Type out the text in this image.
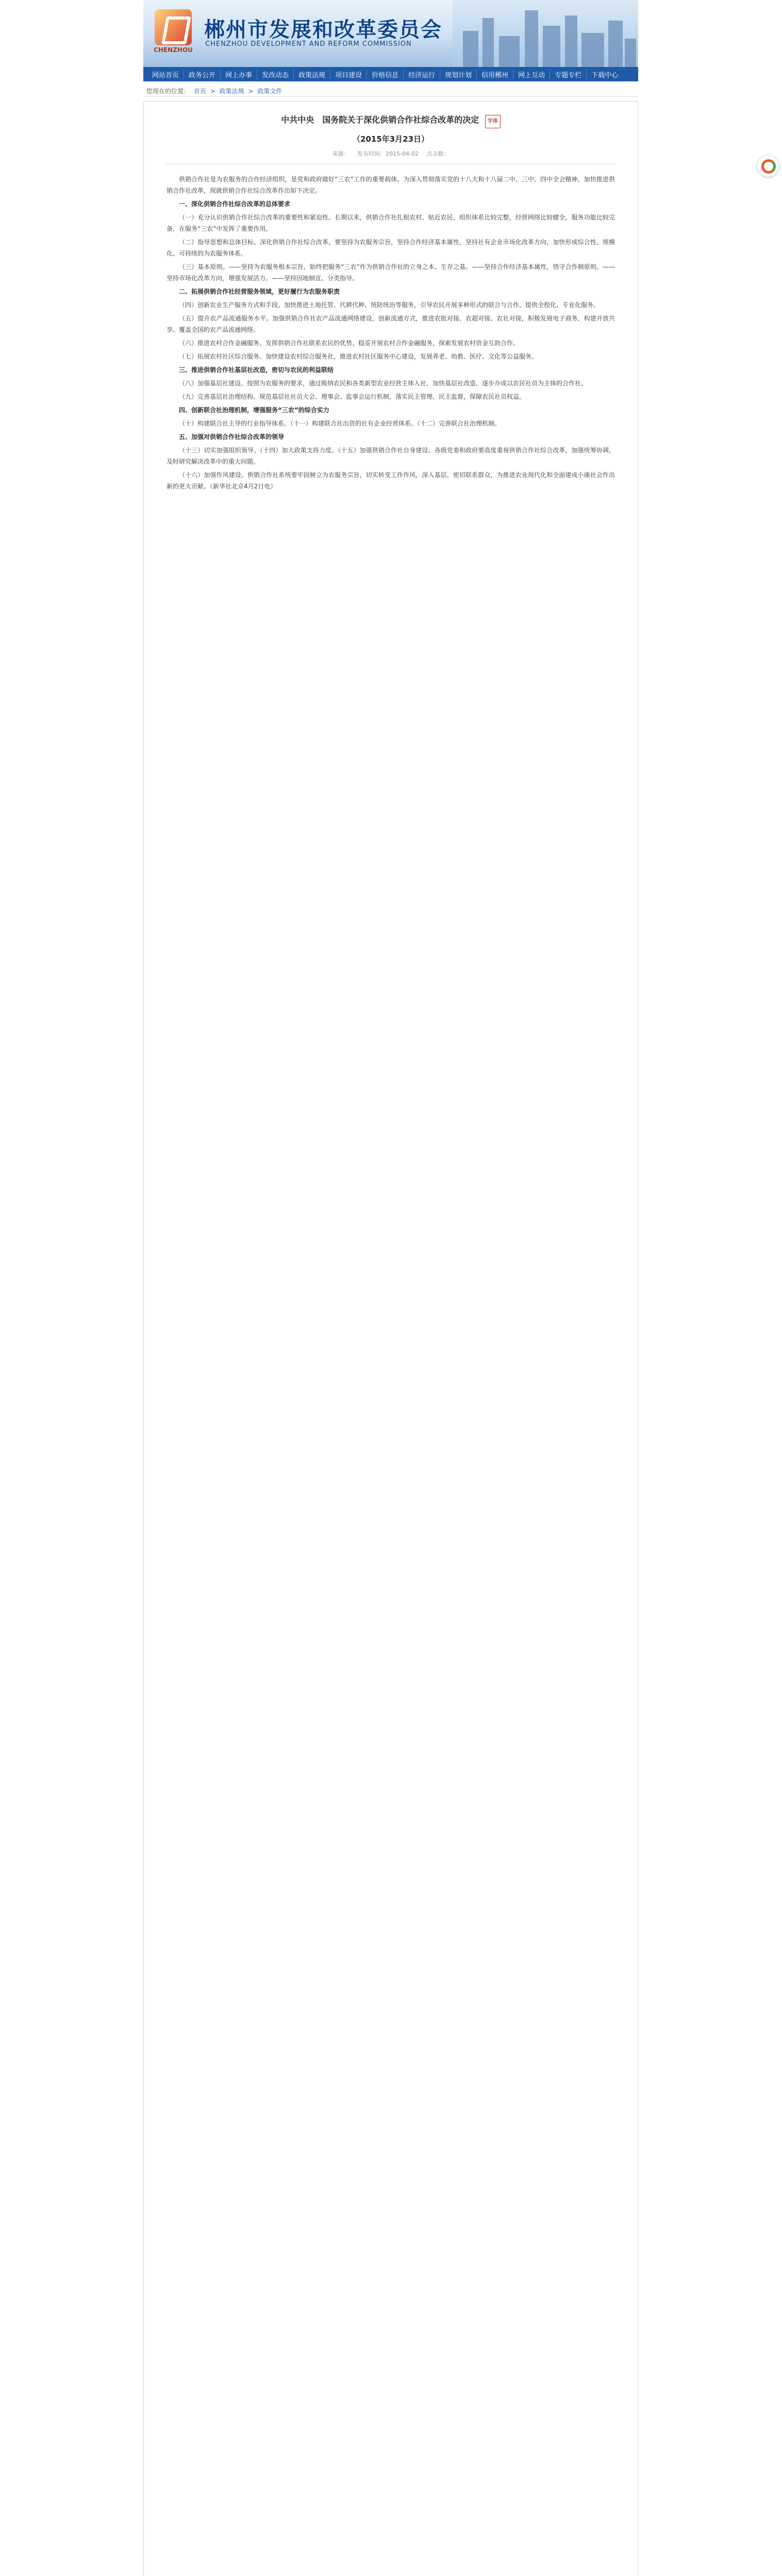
CHENZHOU
郴州市发展和改革委员会
CHENZHOU DEVELOPMENT AND REFORM COMMISSION
网站首页	政务公开	网上办事	发改动态	政策法规	项目建设	价格信息	经济运行	规划计划	信用郴州	网上互动	专题专栏	下载中心
您现在的位置： 首页 > 政策法规 > 政策文件
中共中央　国务院关于深化供销合作社综合改革的决定 字体
（2015年3月23日）
来源： 发布时间：2015-04-02 点击数：

供销合作社是为农服务的合作经济组织，是党和政府做好“三农”工作的重要载体。为深入贯彻落实党的十八大和十八届二中、三中、四中全会精神，加快推进供销合作社改革，现就供销合作社综合改革作出如下决定。

一、深化供销合作社综合改革的总体要求

（一）充分认识供销合作社综合改革的重要性和紧迫性。长期以来，供销合作社扎根农村、贴近农民，组织体系比较完整，经营网络比较健全，服务功能比较完备，在服务“三农”中发挥了重要作用。

（二）指导思想和总体目标。深化供销合作社综合改革，要坚持为农服务宗旨，坚持合作经济基本属性，坚持社有企业市场化改革方向，加快形成综合性、规模化、可持续的为农服务体系。

（三）基本原则。——坚持为农服务根本宗旨，始终把服务“三农”作为供销合作社的立身之本、生存之基。——坚持合作经济基本属性，恪守合作制原则。——坚持市场化改革方向，增强发展活力。——坚持因地制宜、分类指导。

二、拓展供销合作社经营服务领域，更好履行为农服务职责

（四）创新农业生产服务方式和手段。加快推进土地托管、代耕代种、统防统治等服务，引导农民开展多种形式的联合与合作，提供全程化、专业化服务。

（五）提升农产品流通服务水平。加强供销合作社农产品流通网络建设，创新流通方式，推进农批对接、农超对接、农社对接，积极发展电子商务，构建开放共享、覆盖全国的农产品流通网络。

（六）推进农村合作金融服务。发挥供销合作社联系农民的优势，稳妥开展农村合作金融服务，探索发展农村资金互助合作。

（七）拓展农村社区综合服务。加快建设农村综合服务社，推进农村社区服务中心建设，发展养老、幼教、医疗、文化等公益服务。

三、推进供销合作社基层社改造，密切与农民的利益联结

（八）加强基层社建设。按照为农服务的要求，通过吸纳农民和各类新型农业经营主体入社，加快基层社改造，逐步办成以农民社员为主体的合作社。

（九）完善基层社治理结构。规范基层社社员大会、理事会、监事会运行机制，落实民主管理、民主监督，保障农民社员权益。

四、创新联合社治理机制，增强服务“三农”的综合实力

（十）构建联合社主导的行业指导体系。（十一）构建联合社出资的社有企业经营体系。（十二）完善联合社治理机制。

五、加强对供销合作社综合改革的领导

（十三）切实加强组织领导。（十四）加大政策支持力度。（十五）加强供销合作社自身建设。各级党委和政府要高度重视供销合作社综合改革，加强统筹协调，及时研究解决改革中的重大问题。

（十六）加强作风建设。供销合作社系统要牢固树立为农服务宗旨，切实转变工作作风，深入基层，密切联系群众，为推进农业现代化和全面建成小康社会作出新的更大贡献。（新华社北京4月2日电）
